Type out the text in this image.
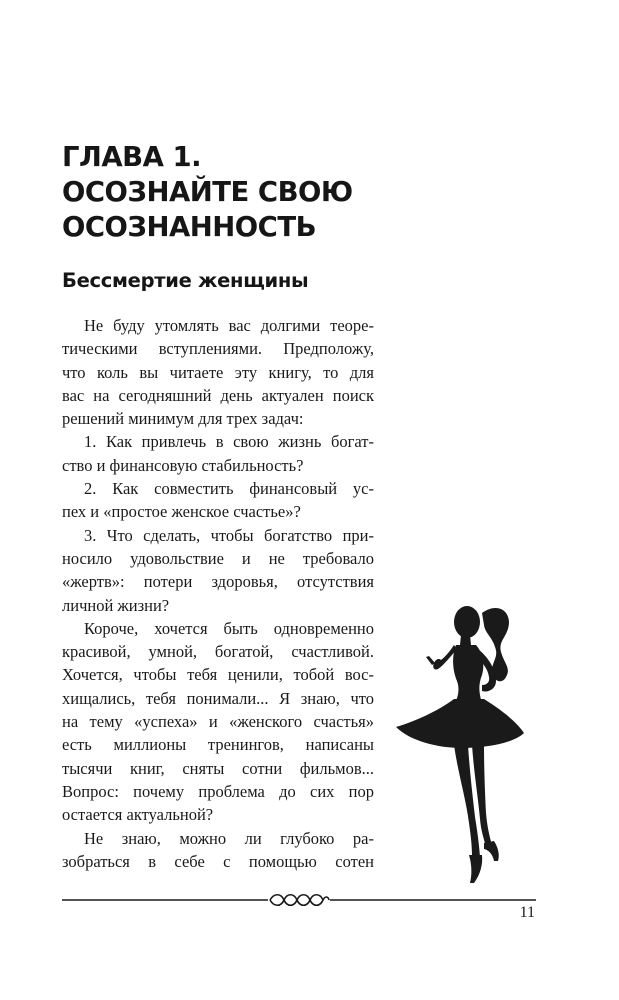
ГЛАВА 1.
ОСОЗНАЙТЕ СВОЮ
ОСОЗНАННОСТЬ
Бессмертие женщины
Не буду утомлять вас долгими теоре-
тическими вступлениями. Предположу,
что коль вы читаете эту книгу, то для
вас на сегодняшний день актуален поиск
решений минимум для трех задач:
1. Как привлечь в свою жизнь богат-
ство и финансовую стабильность?
2. Как совместить финансовый ус-
пех и «простое женское счастье»?
3. Что сделать, чтобы богатство при-
носило удовольствие и не требовало
«жертв»: потери здоровья, отсутствия
личной жизни?
Короче, хочется быть одновременно
красивой, умной, богатой, счастливой.
Хочется, чтобы тебя ценили, тобой вос-
хищались, тебя понимали... Я знаю, что
на тему «успеха» и «женского счастья»
есть миллионы тренингов, написаны
тысячи книг, сняты сотни фильмов...
Вопрос: почему проблема до сих пор
остается актуальной?
Не знаю, можно ли глубоко ра-
зобраться в себе с помощью сотен
11
